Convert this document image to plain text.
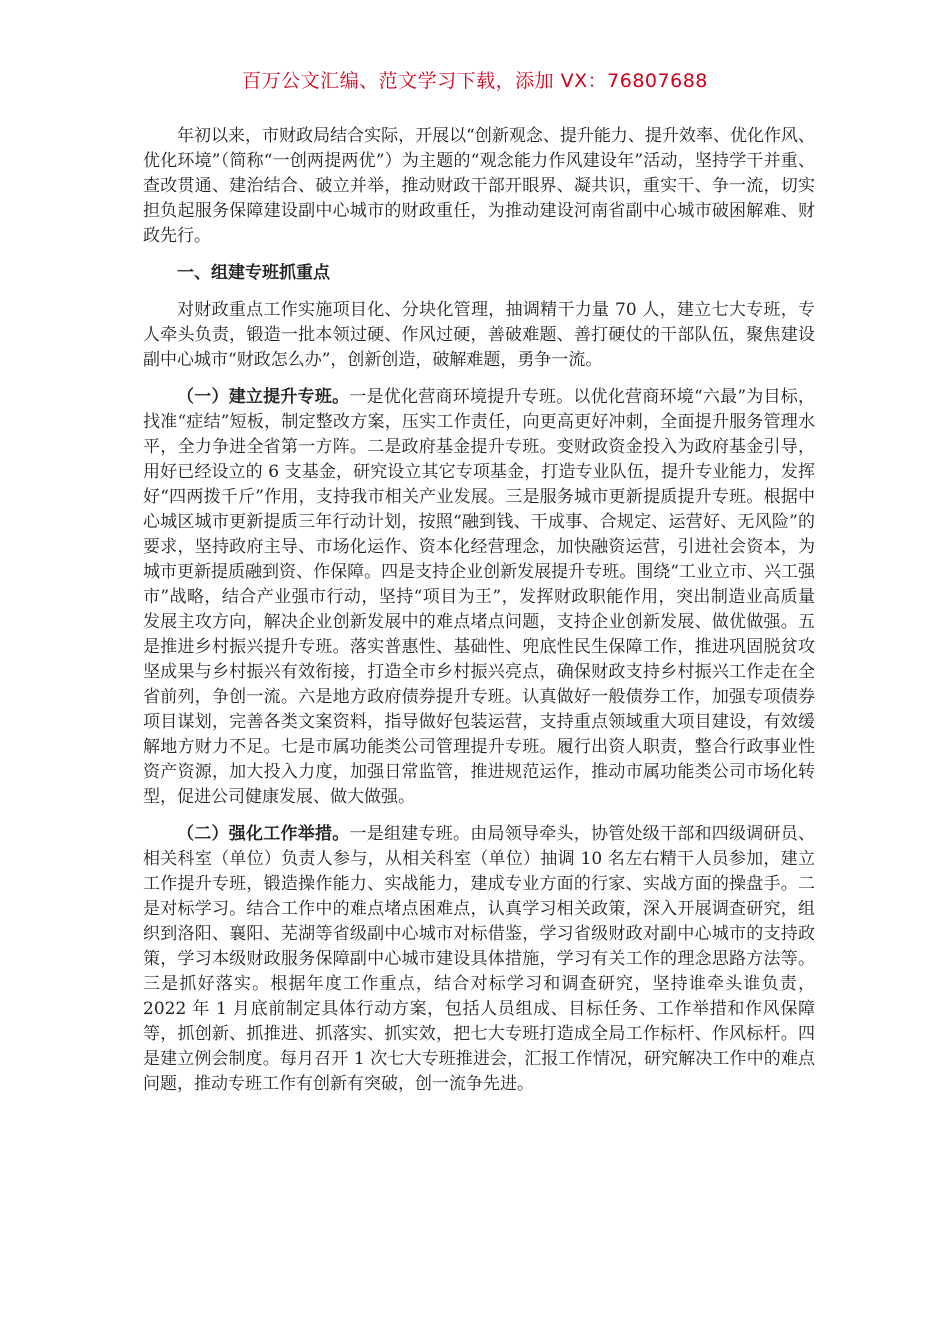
百万公文汇编、范文学习下载，添加 VX：76807688

年初以来，市财政局结合实际，开展以“创新观念、提升能力、提升效率、优化作风、优化环境”（简称“一创两提两优”）为主题的“观念能力作风建设年”活动，坚持学干并重、查改贯通、建治结合、破立并举，推动财政干部开眼界、凝共识，重实干、争一流，切实担负起服务保障建设副中心城市的财政重任，为推动建设河南省副中心城市破困解难、财政先行。

一、组建专班抓重点

对财政重点工作实施项目化、分块化管理，抽调精干力量 70 人，建立七大专班，专人牵头负责，锻造一批本领过硬、作风过硬，善破难题、善打硬仗的干部队伍，聚焦建设副中心城市“财政怎么办”，创新创造，破解难题，勇争一流。

（一）建立提升专班。一是优化营商环境提升专班。以优化营商环境“六最”为目标，找准“症结”短板，制定整改方案，压实工作责任，向更高更好冲刺，全面提升服务管理水平，全力争进全省第一方阵。二是政府基金提升专班。变财政资金投入为政府基金引导，用好已经设立的 6 支基金，研究设立其它专项基金，打造专业队伍，提升专业能力，发挥好“四两拨千斤”作用，支持我市相关产业发展。三是服务城市更新提质提升专班。根据中心城区城市更新提质三年行动计划，按照“融到钱、干成事、合规定、运营好、无风险”的要求，坚持政府主导、市场化运作、资本化经营理念，加快融资运营，引进社会资本，为城市更新提质融到资、作保障。四是支持企业创新发展提升专班。围绕“工业立市、兴工强市”战略，结合产业强市行动，坚持“项目为王”，发挥财政职能作用，突出制造业高质量发展主攻方向，解决企业创新发展中的难点堵点问题，支持企业创新发展、做优做强。五是推进乡村振兴提升专班。落实普惠性、基础性、兜底性民生保障工作，推进巩固脱贫攻坚成果与乡村振兴有效衔接，打造全市乡村振兴亮点，确保财政支持乡村振兴工作走在全省前列，争创一流。六是地方政府债券提升专班。认真做好一般债券工作，加强专项债券项目谋划，完善各类文案资料，指导做好包装运营，支持重点领域重大项目建设，有效缓解地方财力不足。七是市属功能类公司管理提升专班。履行出资人职责，整合行政事业性资产资源，加大投入力度，加强日常监管，推进规范运作，推动市属功能类公司市场化转型，促进公司健康发展、做大做强。

（二）强化工作举措。一是组建专班。由局领导牵头，协管处级干部和四级调研员、相关科室（单位）负责人参与，从相关科室（单位）抽调 10 名左右精干人员参加，建立工作提升专班，锻造操作能力、实战能力，建成专业方面的行家、实战方面的操盘手。二是对标学习。结合工作中的难点堵点困难点，认真学习相关政策，深入开展调查研究，组织到洛阳、襄阳、芜湖等省级副中心城市对标借鉴，学习省级财政对副中心城市的支持政策，学习本级财政服务保障副中心城市建设具体措施，学习有关工作的理念思路方法等。三是抓好落实。根据年度工作重点，结合对标学习和调查研究，坚持谁牵头谁负责，2022 年 1 月底前制定具体行动方案，包括人员组成、目标任务、工作举措和作风保障等，抓创新、抓推进、抓落实、抓实效，把七大专班打造成全局工作标杆、作风标杆。四是建立例会制度。每月召开 1 次七大专班推进会，汇报工作情况，研究解决工作中的难点问题，推动专班工作有创新有突破，创一流争先进。
